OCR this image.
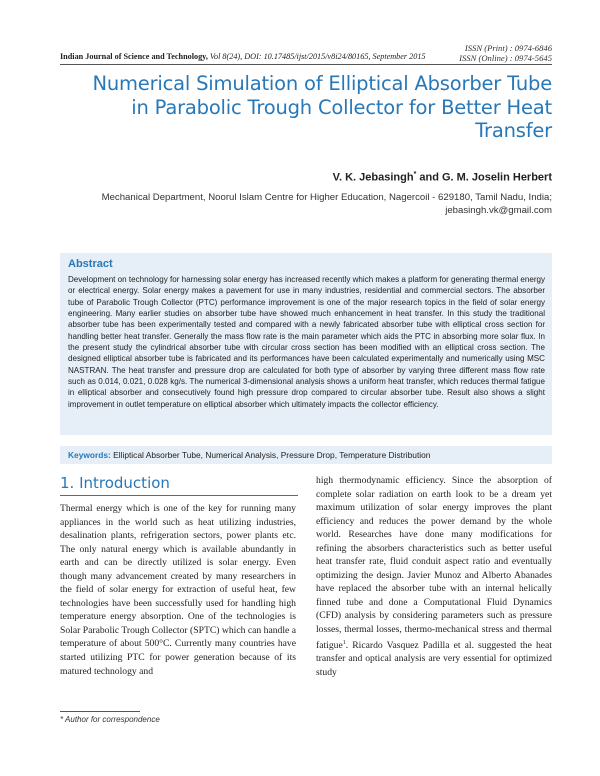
ISSN (Print) : 0974-6846
ISSN (Online) : 0974-5645
Indian Journal of Science and Technology, Vol 8(24), DOI: 10.17485/ijst/2015/v8i24/80165, September 2015
Numerical Simulation of Elliptical Absorber Tube in Parabolic Trough Collector for Better Heat Transfer
V. K. Jebasingh* and G. M. Joselin Herbert
Mechanical Department, Noorul Islam Centre for Higher Education, Nagercoil - 629180, Tamil Nadu, India;
jebasingh.vk@gmail.com
Abstract

Development on technology for harnessing solar energy has increased recently which makes a platform for generating thermal energy or electrical energy. Solar energy makes a pavement for use in many industries, residential and commercial sectors. The absorber tube of Parabolic Trough Collector (PTC) performance improvement is one of the major research topics in the field of solar energy engineering. Many earlier studies on absorber tube have showed much enhancement in heat transfer. In this study the traditional absorber tube has been experimentally tested and compared with a newly fabricated absorber tube with elliptical cross section for handling better heat transfer. Generally the mass flow rate is the main parameter which aids the PTC in absorbing more solar flux. In the present study the cylindrical absorber tube with circular cross section has been modified with an elliptical cross section. The designed elliptical absorber tube is fabricated and its performances have been calculated experimentally and numerically using MSC NASTRAN. The heat transfer and pressure drop are calculated for both type of absorber by varying three different mass flow rate such as 0.014, 0.021, 0.028 kg/s. The numerical 3-dimensional analysis shows a uniform heat transfer, which reduces thermal fatigue in elliptical absorber and consecutively found high pressure drop compared to circular absorber tube. Result also shows a slight improvement in outlet temperature on elliptical absorber which ultimately impacts the collector efficiency.

Keywords: Elliptical Absorber Tube, Numerical Analysis, Pressure Drop, Temperature Distribution
1. Introduction

Thermal energy which is one of the key for running many appliances in the world such as heat utilizing industries, desalination plants, refrigeration sectors, power plants etc. The only natural energy which is available abundantly in earth and can be directly utilized is solar energy. Even though many advancement created by many researchers in the field of solar energy for extraction of useful heat, few technologies have been successfully used for handling high temperature energy absorption. One of the technologies is Solar Parabolic Trough Collector (SPTC) which can handle a temperature of about 500°C. Currently many countries have started utilizing PTC for power generation because of its matured technology and

high thermodynamic efficiency. Since the absorption of complete solar radiation on earth look to be a dream yet maximum utilization of solar energy improves the plant efficiency and reduces the power demand by the whole world. Researches have done many modifications for refining the absorbers characteristics such as better useful heat transfer rate, fluid conduit aspect ratio and eventually optimizing the design. Javier Munoz and Alberto Abanades have replaced the absorber tube with an internal helically finned tube and done a Computational Fluid Dynamics (CFD) analysis by considering parameters such as pressure losses, thermal losses, thermo-mechanical stress and thermal fatigue$^1$. Ricardo Vasquez Padilla et al. suggested the heat transfer and optical analysis are very essential for optimized study

* Author for correspondence
